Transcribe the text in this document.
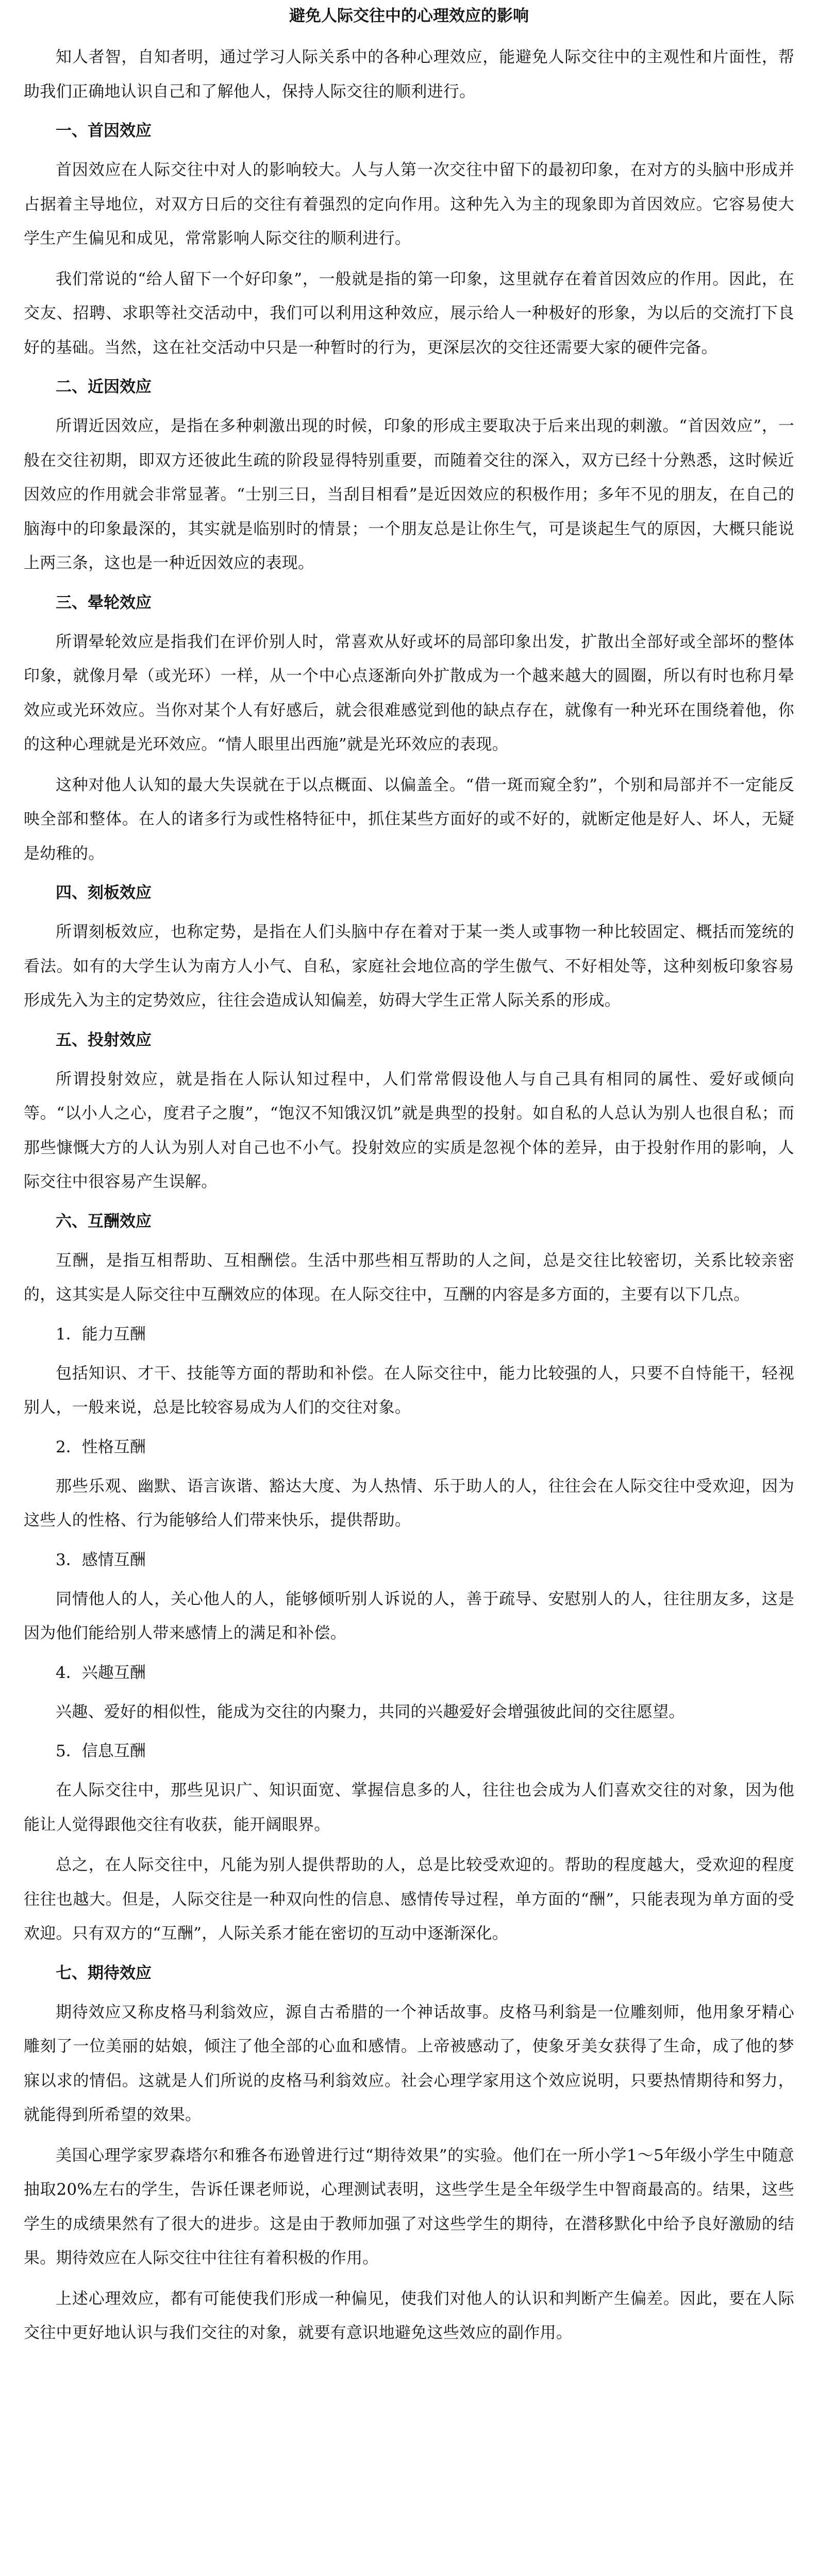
避免人际交往中的心理效应的影响
知人者智，自知者明，通过学习人际关系中的各种心理效应，能避免人际交往中的主观性和片面性，帮助我们正确地认识自己和了解他人，保持人际交往的顺利进行。
一、首因效应
首因效应在人际交往中对人的影响较大。人与人第一次交往中留下的最初印象，在对方的头脑中形成并占据着主导地位，对双方日后的交往有着强烈的定向作用。这种先入为主的现象即为首因效应。它容易使大学生产生偏见和成见，常常影响人际交往的顺利进行。
我们常说的“给人留下一个好印象”，一般就是指的第一印象，这里就存在着首因效应的作用。因此，在交友、招聘、求职等社交活动中，我们可以利用这种效应，展示给人一种极好的形象，为以后的交流打下良好的基础。当然，这在社交活动中只是一种暂时的行为，更深层次的交往还需要大家的硬件完备。
二、近因效应
所谓近因效应，是指在多种刺激出现的时候，印象的形成主要取决于后来出现的刺激。“首因效应”，一般在交往初期，即双方还彼此生疏的阶段显得特别重要，而随着交往的深入，双方已经十分熟悉，这时候近因效应的作用就会非常显著。“士别三日，当刮目相看”是近因效应的积极作用；多年不见的朋友，在自己的脑海中的印象最深的，其实就是临别时的情景；一个朋友总是让你生气，可是谈起生气的原因，大概只能说上两三条，这也是一种近因效应的表现。
三、晕轮效应
所谓晕轮效应是指我们在评价别人时，常喜欢从好或坏的局部印象出发，扩散出全部好或全部坏的整体印象，就像月晕（或光环）一样，从一个中心点逐渐向外扩散成为一个越来越大的圆圈，所以有时也称月晕效应或光环效应。当你对某个人有好感后，就会很难感觉到他的缺点存在，就像有一种光环在围绕着他，你的这种心理就是光环效应。“情人眼里出西施”就是光环效应的表现。
这种对他人认知的最大失误就在于以点概面、以偏盖全。“借一斑而窥全豹”，个别和局部并不一定能反映全部和整体。在人的诸多行为或性格特征中，抓住某些方面好的或不好的，就断定他是好人、坏人，无疑是幼稚的。
四、刻板效应
所谓刻板效应，也称定势，是指在人们头脑中存在着对于某一类人或事物一种比较固定、概括而笼统的看法。如有的大学生认为南方人小气、自私，家庭社会地位高的学生傲气、不好相处等，这种刻板印象容易形成先入为主的定势效应，往往会造成认知偏差，妨碍大学生正常人际关系的形成。
五、投射效应
所谓投射效应，就是指在人际认知过程中，人们常常假设他人与自己具有相同的属性、爱好或倾向等。“以小人之心，度君子之腹”，“饱汉不知饿汉饥”就是典型的投射。如自私的人总认为别人也很自私；而那些慷慨大方的人认为别人对自己也不小气。投射效应的实质是忽视个体的差异，由于投射作用的影响，人际交往中很容易产生误解。
六、互酬效应
互酬，是指互相帮助、互相酬偿。生活中那些相互帮助的人之间，总是交往比较密切，关系比较亲密的，这其实是人际交往中互酬效应的体现。在人际交往中，互酬的内容是多方面的，主要有以下几点。
1．能力互酬
包括知识、才干、技能等方面的帮助和补偿。在人际交往中，能力比较强的人，只要不自恃能干，轻视别人，一般来说，总是比较容易成为人们的交往对象。
2．性格互酬
那些乐观、幽默、语言诙谐、豁达大度、为人热情、乐于助人的人，往往会在人际交往中受欢迎，因为这些人的性格、行为能够给人们带来快乐，提供帮助。
3．感情互酬
同情他人的人，关心他人的人，能够倾听别人诉说的人，善于疏导、安慰别人的人，往往朋友多，这是因为他们能给别人带来感情上的满足和补偿。
4．兴趣互酬
兴趣、爱好的相似性，能成为交往的内聚力，共同的兴趣爱好会增强彼此间的交往愿望。
5．信息互酬
在人际交往中，那些见识广、知识面宽、掌握信息多的人，往往也会成为人们喜欢交往的对象，因为他能让人觉得跟他交往有收获，能开阔眼界。
总之，在人际交往中，凡能为别人提供帮助的人，总是比较受欢迎的。帮助的程度越大，受欢迎的程度往往也越大。但是，人际交往是一种双向性的信息、感情传导过程，单方面的“酬”，只能表现为单方面的受欢迎。只有双方的“互酬”，人际关系才能在密切的互动中逐渐深化。
七、期待效应
期待效应又称皮格马利翁效应，源自古希腊的一个神话故事。皮格马利翁是一位雕刻师，他用象牙精心雕刻了一位美丽的姑娘，倾注了他全部的心血和感情。上帝被感动了，使象牙美女获得了生命，成了他的梦寐以求的情侣。这就是人们所说的皮格马利翁效应。社会心理学家用这个效应说明，只要热情期待和努力，就能得到所希望的效果。
美国心理学家罗森塔尔和雅各布逊曾进行过“期待效果”的实验。他们在一所小学1～5年级小学生中随意抽取20%左右的学生，告诉任课老师说，心理测试表明，这些学生是全年级学生中智商最高的。结果，这些学生的成绩果然有了很大的进步。这是由于教师加强了对这些学生的期待，在潜移默化中给予良好激励的结果。期待效应在人际交往中往往有着积极的作用。
上述心理效应，都有可能使我们形成一种偏见，使我们对他人的认识和判断产生偏差。因此，要在人际交往中更好地认识与我们交往的对象，就要有意识地避免这些效应的副作用。
